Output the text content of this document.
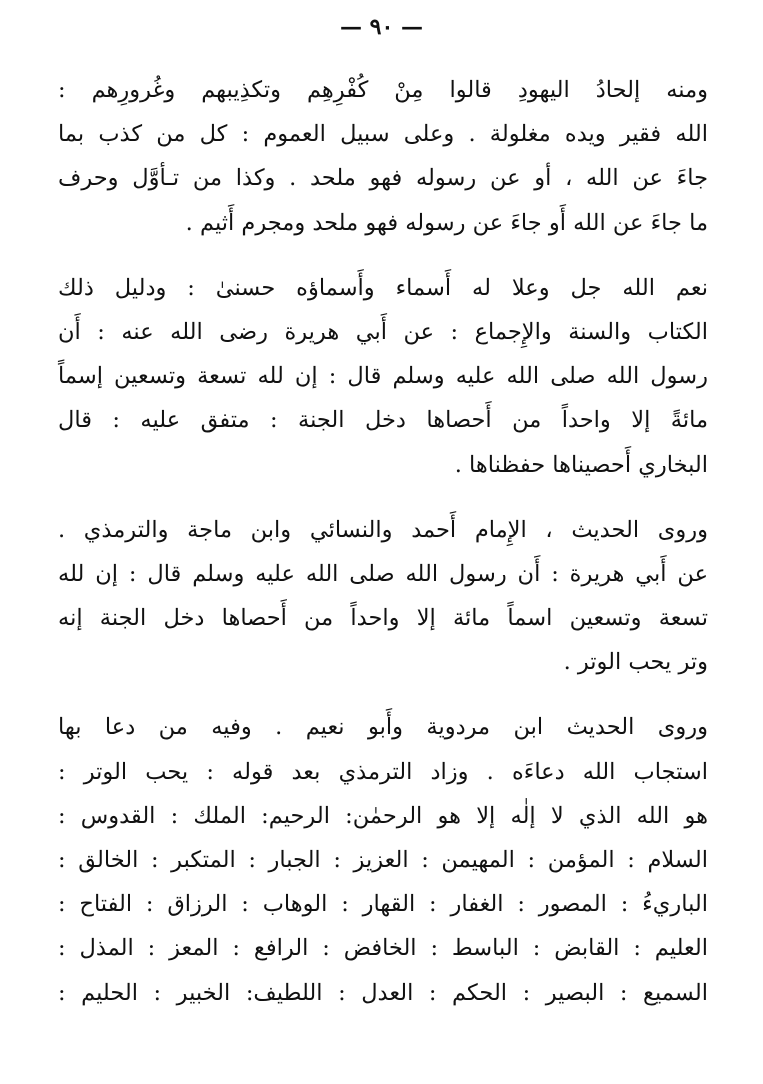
— ٩٠ —

ومنه إلحادُ اليهودِ قالوا مِنْ كُفْرِهِم وتكذِيبهم وغُرورِهم :
الله فقير ويده مغلولة . وعلى سبيل العموم : كل من كذب بما
جاءَ عن الله ، أو عن رسوله فهو ملحد . وكذا من تـأوَّل وحرف
ما جاءَ عن الله أَو جاءَ عن رسوله فهو ملحد ومجرم أَثيم .

نعم الله جل وعلا له أَسماء وأَسماؤه حسنىٰ : ودليل ذلك
الكتاب والسنة والإِجماع : عن أَبي هريرة رضى الله عنه : أَن
رسول الله صلى الله عليه وسلم قال : إن لله تسعة وتسعين إسماً
مائةً إلا واحداً من أَحصاها دخل الجنة : متفق عليه : قال
البخاري أَحصيناها حفظناها .

وروى الحديث ، الإِمام أَحمد والنسائي وابن ماجة والترمذي .
عن أَبي هريرة : أَن رسول الله صلى الله عليه وسلم قال : إن لله
تسعة وتسعين اسماً مائة إلا واحداً من أَحصاها دخل الجنة إنه
وتر يحب الوتر .

وروى الحديث ابن مردوية وأَبو نعيم . وفيه من دعا بها
استجاب الله دعاءَه . وزاد الترمذي بعد قوله : يحب الوتر :
هو الله الذي لا إلٰه إلا هو الرحمٰن: الرحيم: الملك : القدوس :
السلام : المؤمن : المهيمن : العزيز : الجبار : المتكبر : الخالق :
الباريءُ : المصور : الغفار : القهار : الوهاب : الرزاق : الفتاح :
العليم : القابض : الباسط : الخافض : الرافع : المعز : المذل :
السميع : البصير : الحكم : العدل : اللطيف: الخبير : الحليم :
